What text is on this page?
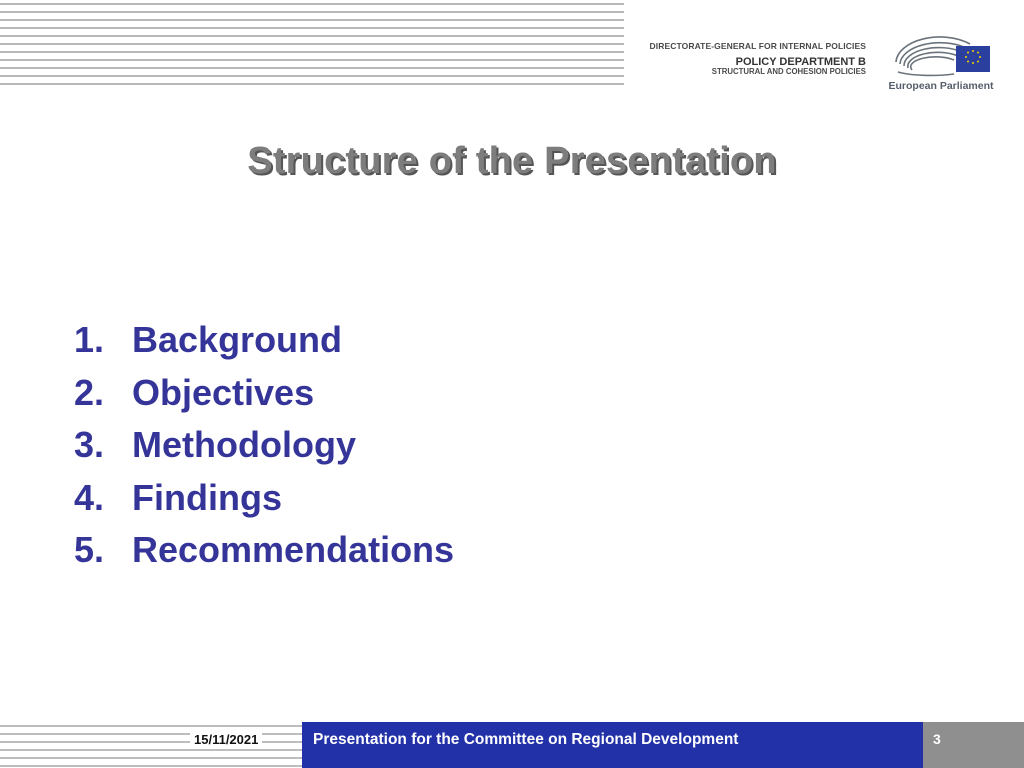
DIRECTORATE-GENERAL FOR INTERNAL POLICIES
POLICY DEPARTMENT B
STRUCTURAL AND COHESION POLICIES
European Parliament
Structure of the Presentation
1. Background
2. Objectives
3. Methodology
4. Findings
5. Recommendations
15/11/2021	Presentation for the Committee on Regional Development	3
